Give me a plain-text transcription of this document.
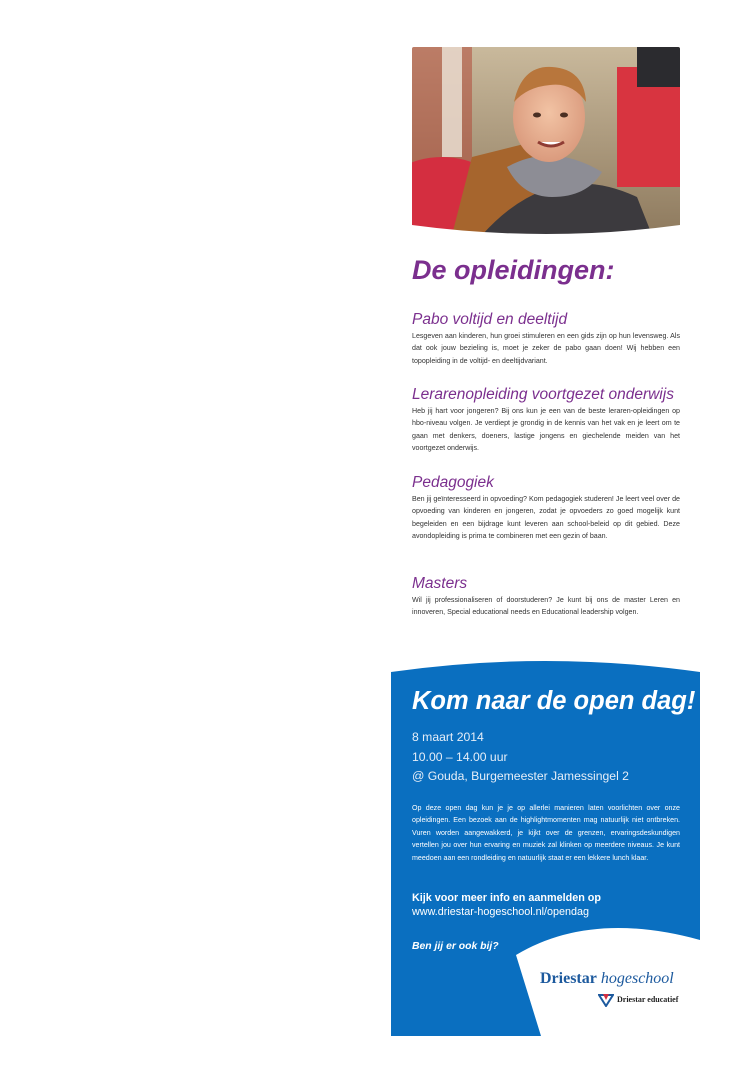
De opleidingen:
Pabo voltijd en deeltijd

Lesgeven aan kinderen, hun groei stimuleren en een gids zijn op hun levensweg. Als dat ook jouw bezieling is, moet je zeker de pabo gaan doen! Wij hebben een topopleiding in de voltijd- en deeltijdvariant.

Lerarenopleiding voortgezet onderwijs

Heb jij hart voor jongeren? Bij ons kun je een van de beste leraren-opleidingen op hbo-niveau volgen. Je verdiept je grondig in de kennis van het vak en je leert om te gaan met denkers, doeners, lastige jongens en giechelende meiden van het voortgezet onderwijs.

Pedagogiek

Ben jij geïnteresseerd in opvoeding? Kom pedagogiek studeren! Je leert veel over de opvoeding van kinderen en jongeren, zodat je opvoeders zo goed mogelijk kunt begeleiden en een bijdrage kunt leveren aan school-beleid op dit gebied. Deze avondopleiding is prima te combineren met een gezin of baan.

Masters

Wil jij professionaliseren of doorstuderen? Je kunt bij ons de master Leren en innoveren, Special educational needs en Educational leadership volgen.

Kom naar de open dag!
8 maart 2014
10.00 – 14.00 uur
@ Gouda, Burgemeester Jamessingel 2

Op deze open dag kun je je op allerlei manieren laten voorlichten over onze opleidingen. Een bezoek aan de highlightmomenten mag natuurlijk niet ontbreken. Vuren worden aangewakkerd, je kijkt over de grenzen, ervaringsdeskundigen vertellen jou over hun ervaring en muziek zal klinken op meerdere niveaus. Je kunt meedoen aan een rondleiding en natuurlijk staat er een lekkere lunch klaar.

Kijk voor meer info en aanmelden op
www.driestar-hogeschool.nl/opendag
Ben jij er ook bij?
Driestar hogeschool
Driestar educatief
